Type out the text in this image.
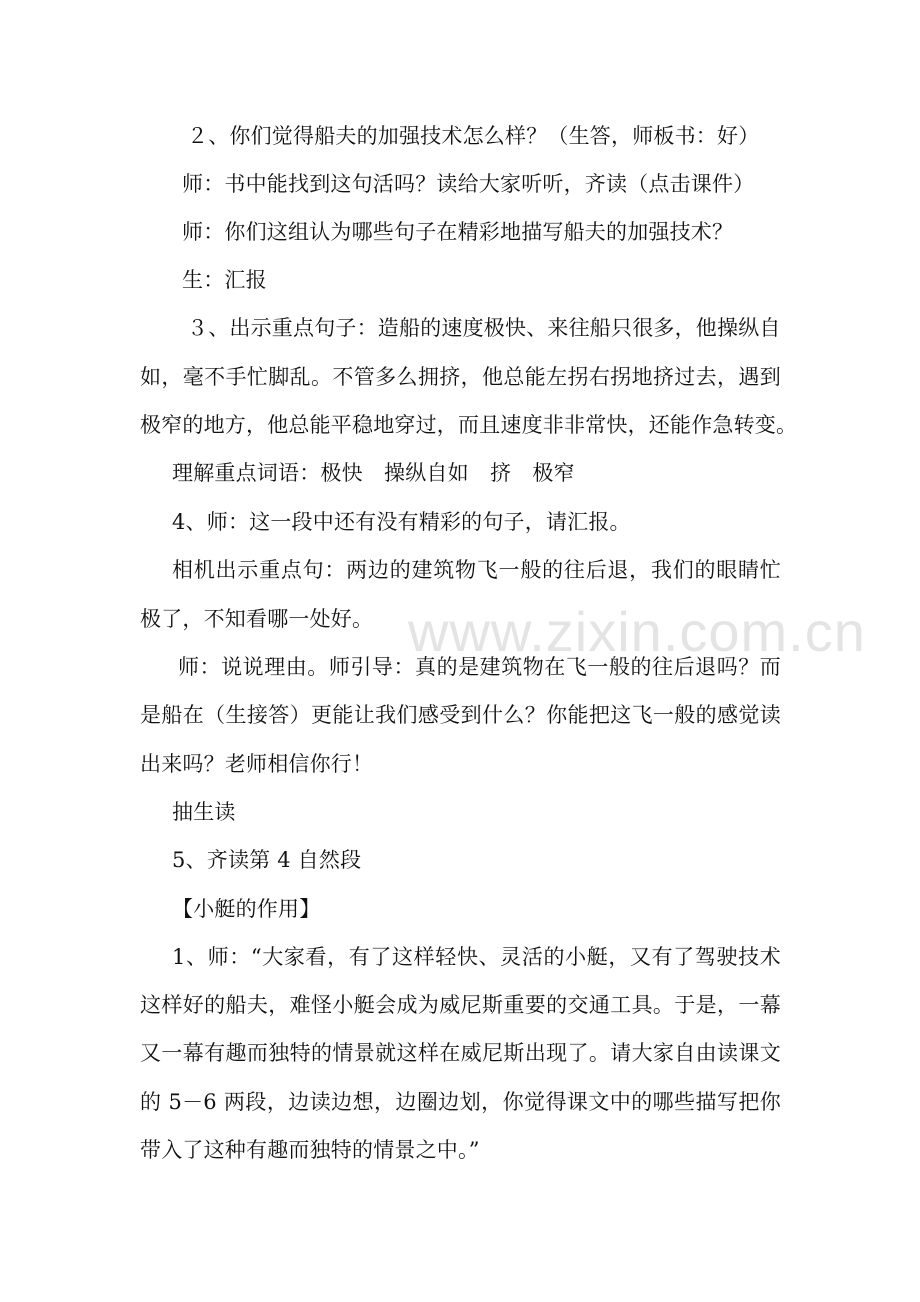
２、你们觉得船夫的加强技术怎么样？（生答，师板书：好）
师：书中能找到这句活吗？读给大家听听，齐读（点击课件）
师：你们这组认为哪些句子在精彩地描写船夫的加强技术？
生：汇报
３、出示重点句子：造船的速度极快、来往船只很多，他操纵自
如，毫不手忙脚乱。不管多么拥挤，他总能左拐右拐地挤过去，遇到
极窄的地方，他总能平稳地穿过，而且速度非非常快，还能作急转变。
理解重点词语：极快　操纵自如　挤　极窄
4、师：这一段中还有没有精彩的句子，请汇报。
相机出示重点句：两边的建筑物飞一般的往后退，我们的眼睛忙
极了，不知看哪一处好。
师：说说理由。师引导：真的是建筑物在飞一般的往后退吗？而
是船在（生接答）更能让我们感受到什么？你能把这飞一般的感觉读
出来吗？老师相信你行！
抽生读
5、齐读第 4 自然段
【小艇的作用】
1、师：“大家看，有了这样轻快、灵活的小艇，又有了驾驶技术
这样好的船夫，难怪小艇会成为威尼斯重要的交通工具。于是，一幕
又一幕有趣而独特的情景就这样在威尼斯出现了。请大家自由读课文
的 5－6 两段，边读边想，边圈边划，你觉得课文中的哪些描写把你
带入了这种有趣而独特的情景之中。”
www.zixin.com.cn
